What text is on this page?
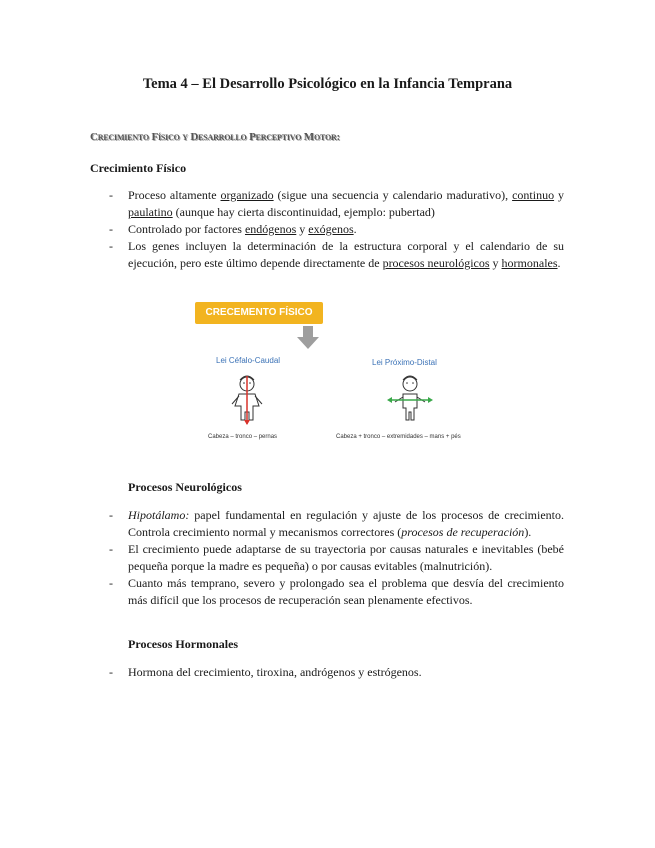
Tema 4 – El Desarrollo Psicológico en la Infancia Temprana
Crecimiento Físico y Desarrollo Perceptivo Motor:
Crecimiento Físico
- Proceso altamente organizado (sigue una secuencia y calendario madurativo), continuo y paulatino (aunque hay cierta discontinuidad, ejemplo: pubertad)
- Controlado por factores endógenos y exógenos.
- Los genes incluyen la determinación de la estructura corporal y el calendario de su ejecución, pero este último depende directamente de procesos neurológicos y hormonales.
CRECEMENTO FÍSICO
Lei Céfalo-Caudal	Lei Próximo-Distal
Cabeza – tronco – pernas	Cabeza + tronco – extremidades – mans + pés
Procesos Neurológicos
- Hipotálamo: papel fundamental en regulación y ajuste de los procesos de crecimiento. Controla crecimiento normal y mecanismos correctores (procesos de recuperación).
- El crecimiento puede adaptarse de su trayectoria por causas naturales e inevitables (bebé pequeña porque la madre es pequeña) o por causas evitables (malnutrición).
- Cuanto más temprano, severo y prolongado sea el problema que desvía del crecimiento más difícil que los procesos de recuperación sean plenamente efectivos.
Procesos Hormonales
- Hormona del crecimiento, tiroxina, andrógenos y estrógenos.
